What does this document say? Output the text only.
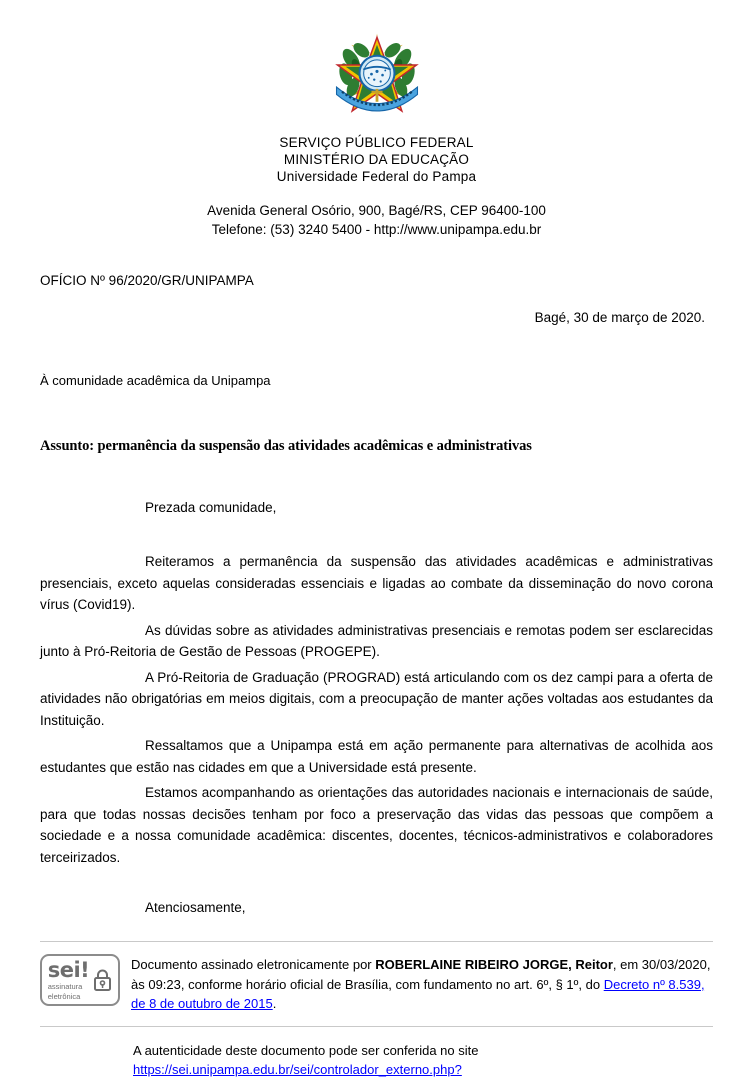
SERVIÇO PÚBLICO FEDERAL
MINISTÉRIO DA EDUCAÇÃO
Universidade Federal do Pampa
Avenida General Osório, 900, Bagé/RS, CEP 96400-100
Telefone: (53) 3240 5400 - http://www.unipampa.edu.br
OFÍCIO Nº 96/2020/GR/UNIPAMPA
Bagé, 30 de março de 2020.
À comunidade acadêmica da Unipampa
Assunto: permanência da suspensão das atividades acadêmicas e administrativas
Prezada comunidade,

Reiteramos a permanência da suspensão das atividades acadêmicas e administrativas presenciais, exceto aquelas consideradas essenciais e ligadas ao combate da disseminação do novo corona vírus (Covid19).

As dúvidas sobre as atividades administrativas presenciais e remotas podem ser esclarecidas junto à Pró-Reitoria de Gestão de Pessoas (PROGEPE).

A Pró-Reitoria de Graduação (PROGRAD) está articulando com os dez campi para a oferta de atividades não obrigatórias em meios digitais, com a preocupação de manter ações voltadas aos estudantes da Instituição.

Ressaltamos que a Unipampa está em ação permanente para alternativas de acolhida aos estudantes que estão nas cidades em que a Universidade está presente.

Estamos acompanhando as orientações das autoridades nacionais e internacionais de saúde, para que todas nossas decisões tenham por foco a preservação das vidas das pessoas que compõem a sociedade e a nossa comunidade acadêmica: discentes, docentes, técnicos-administrativos e colaboradores terceirizados.

Atenciosamente,
sei!
assinatura
eletrônica
Documento assinado eletronicamente por ROBERLAINE RIBEIRO JORGE, Reitor, em 30/03/2020, às 09:23, conforme horário oficial de Brasília, com fundamento no art. 6º, § 1º, do Decreto nº 8.539, de 8 de outubro de 2015.
A autenticidade deste documento pode ser conferida no site
https://sei.unipampa.edu.br/sei/controlador_externo.php?
